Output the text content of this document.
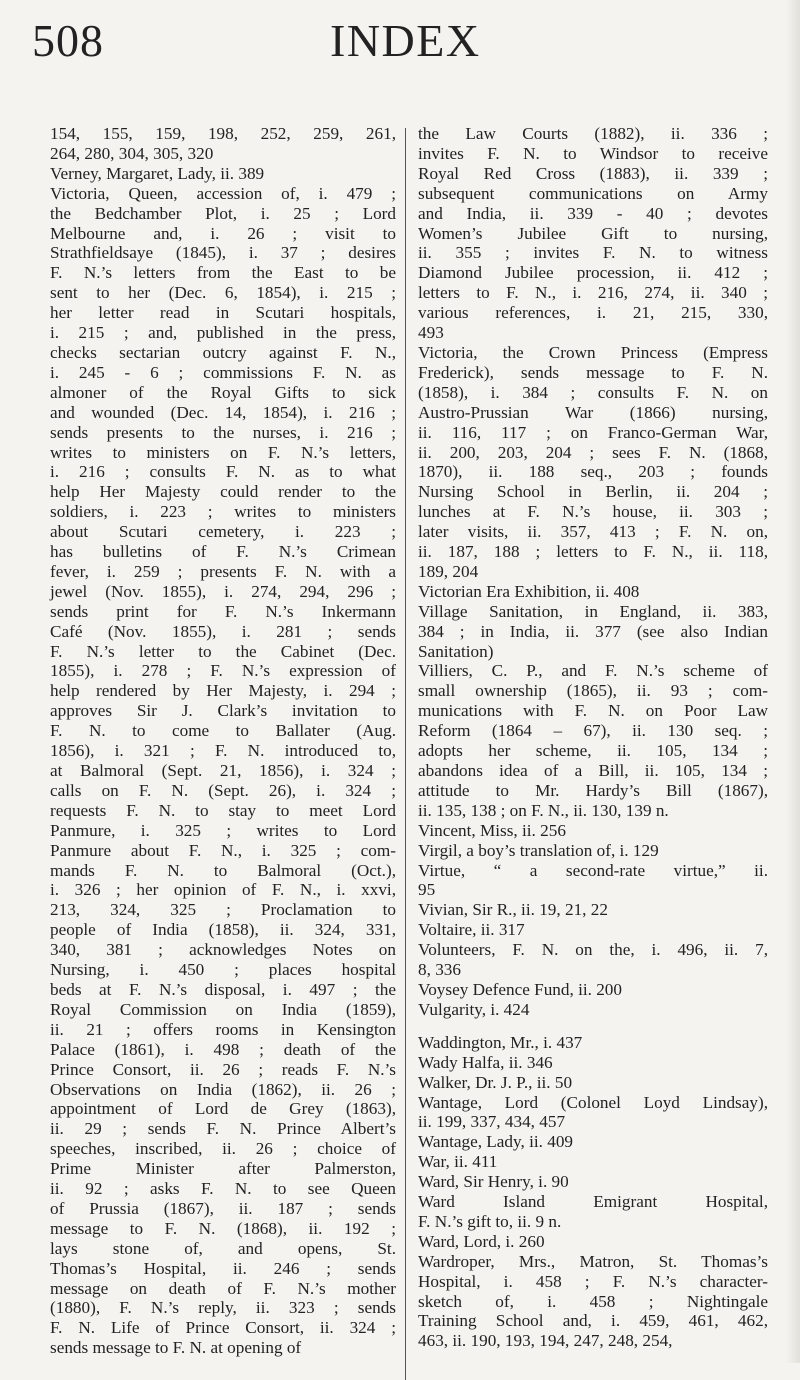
508	INDEX
154, 155, 159, 198, 252, 259, 261,
264, 280, 304, 305, 320
Verney, Margaret, Lady, ii. 389
Victoria, Queen, accession of, i. 479 ;
the Bedchamber Plot, i. 25 ; Lord
Melbourne and, i. 26 ; visit to
Strathfieldsaye (1845), i. 37 ; desires
F. N.’s letters from the East to be
sent to her (Dec. 6, 1854), i. 215 ;
her letter read in Scutari hospitals,
i. 215 ; and, published in the press,
checks sectarian outcry against F. N.,
i. 245 - 6 ; commissions F. N. as
almoner of the Royal Gifts to sick
and wounded (Dec. 14, 1854), i. 216 ;
sends presents to the nurses, i. 216 ;
writes to ministers on F. N.’s letters,
i. 216 ; consults F. N. as to what
help Her Majesty could render to the
soldiers, i. 223 ; writes to ministers
about Scutari cemetery, i. 223 ;
has bulletins of F. N.’s Crimean
fever, i. 259 ; presents F. N. with a
jewel (Nov. 1855), i. 274, 294, 296 ;
sends print for F. N.’s Inkermann
Café (Nov. 1855), i. 281 ; sends
F. N.’s letter to the Cabinet (Dec.
1855), i. 278 ; F. N.’s expression of
help rendered by Her Majesty, i. 294 ;
approves Sir J. Clark’s invitation to
F. N. to come to Ballater (Aug.
1856), i. 321 ; F. N. introduced to,
at Balmoral (Sept. 21, 1856), i. 324 ;
calls on F. N. (Sept. 26), i. 324 ;
requests F. N. to stay to meet Lord
Panmure, i. 325 ; writes to Lord
Panmure about F. N., i. 325 ; com-
mands F. N. to Balmoral (Oct.),
i. 326 ; her opinion of F. N., i. xxvi,
213, 324, 325 ; Proclamation to
people of India (1858), ii. 324, 331,
340, 381 ; acknowledges Notes on
Nursing, i. 450 ; places hospital
beds at F. N.’s disposal, i. 497 ; the
Royal Commission on India (1859),
ii. 21 ; offers rooms in Kensington
Palace (1861), i. 498 ; death of the
Prince Consort, ii. 26 ; reads F. N.’s
Observations on India (1862), ii. 26 ;
appointment of Lord de Grey (1863),
ii. 29 ; sends F. N. Prince Albert’s
speeches, inscribed, ii. 26 ; choice of
Prime Minister after Palmerston,
ii. 92 ; asks F. N. to see Queen
of Prussia (1867), ii. 187 ; sends
message to F. N. (1868), ii. 192 ;
lays stone of, and opens, St.
Thomas’s Hospital, ii. 246 ; sends
message on death of F. N.’s mother
(1880), F. N.’s reply, ii. 323 ; sends
F. N. Life of Prince Consort, ii. 324 ;
sends message to F. N. at opening of
the Law Courts (1882), ii. 336 ;
invites F. N. to Windsor to receive
Royal Red Cross (1883), ii. 339 ;
subsequent communications on Army
and India, ii. 339 - 40 ; devotes
Women’s Jubilee Gift to nursing,
ii. 355 ; invites F. N. to witness
Diamond Jubilee procession, ii. 412 ;
letters to F. N., i. 216, 274, ii. 340 ;
various references, i. 21, 215, 330,
493
Victoria, the Crown Princess (Empress
Frederick), sends message to F. N.
(1858), i. 384 ; consults F. N. on
Austro-Prussian War (1866) nursing,
ii. 116, 117 ; on Franco-German War,
ii. 200, 203, 204 ; sees F. N. (1868,
1870), ii. 188 seq., 203 ; founds
Nursing School in Berlin, ii. 204 ;
lunches at F. N.’s house, ii. 303 ;
later visits, ii. 357, 413 ; F. N. on,
ii. 187, 188 ; letters to F. N., ii. 118,
189, 204
Victorian Era Exhibition, ii. 408
Village Sanitation, in England, ii. 383,
384 ; in India, ii. 377 (see also Indian
Sanitation)
Villiers, C. P., and F. N.’s scheme of
small ownership (1865), ii. 93 ; com-
munications with F. N. on Poor Law
Reform (1864 – 67), ii. 130 seq. ;
adopts her scheme, ii. 105, 134 ;
abandons idea of a Bill, ii. 105, 134 ;
attitude to Mr. Hardy’s Bill (1867),
ii. 135, 138 ; on F. N., ii. 130, 139 n.
Vincent, Miss, ii. 256
Virgil, a boy’s translation of, i. 129
Virtue, “ a second-rate virtue,” ii.
95
Vivian, Sir R., ii. 19, 21, 22
Voltaire, ii. 317
Volunteers, F. N. on the, i. 496, ii. 7,
8, 336
Voysey Defence Fund, ii. 200
Vulgarity, i. 424
Waddington, Mr., i. 437
Wady Halfa, ii. 346
Walker, Dr. J. P., ii. 50
Wantage, Lord (Colonel Loyd Lindsay),
ii. 199, 337, 434, 457
Wantage, Lady, ii. 409
War, ii. 411
Ward, Sir Henry, i. 90
Ward Island Emigrant Hospital,
F. N.’s gift to, ii. 9 n.
Ward, Lord, i. 260
Wardroper, Mrs., Matron, St. Thomas’s
Hospital, i. 458 ; F. N.’s character-
sketch of, i. 458 ; Nightingale
Training School and, i. 459, 461, 462,
463, ii. 190, 193, 194, 247, 248, 254,
